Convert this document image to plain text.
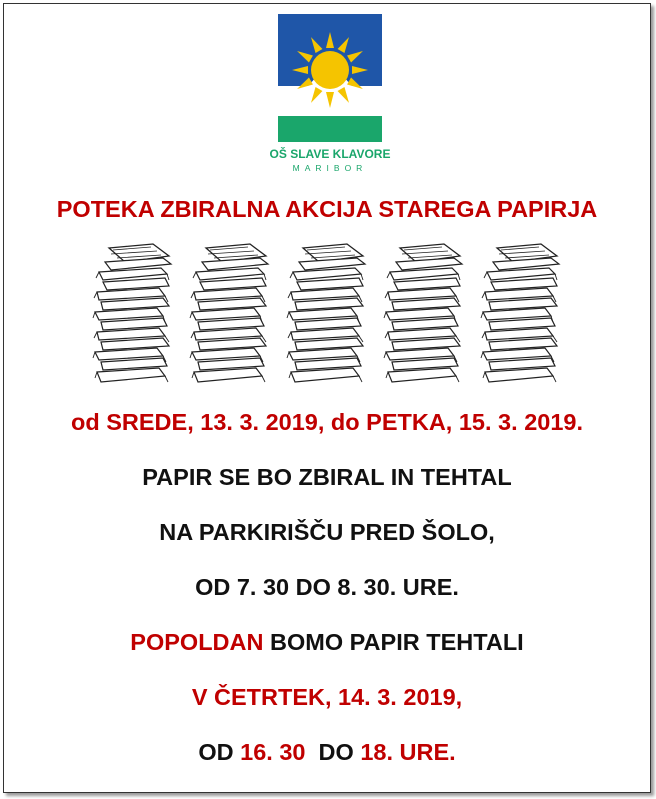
OŠ SLAVE KLAVORE
MARIBOR
POTEKA ZBIRALNA AKCIJA STAREGA PAPIRJA
od SREDE, 13. 3. 2019, do PETKA, 15. 3. 2019.
PAPIR SE BO ZBIRAL IN TEHTAL
NA PARKIRIŠČU PRED ŠOLO,
OD 7. 30 DO 8. 30. URE.
POPOLDAN BOMO PAPIR TEHTALI
V ČETRTEK, 14. 3. 2019,
OD 16. 30  DO 18. URE.
